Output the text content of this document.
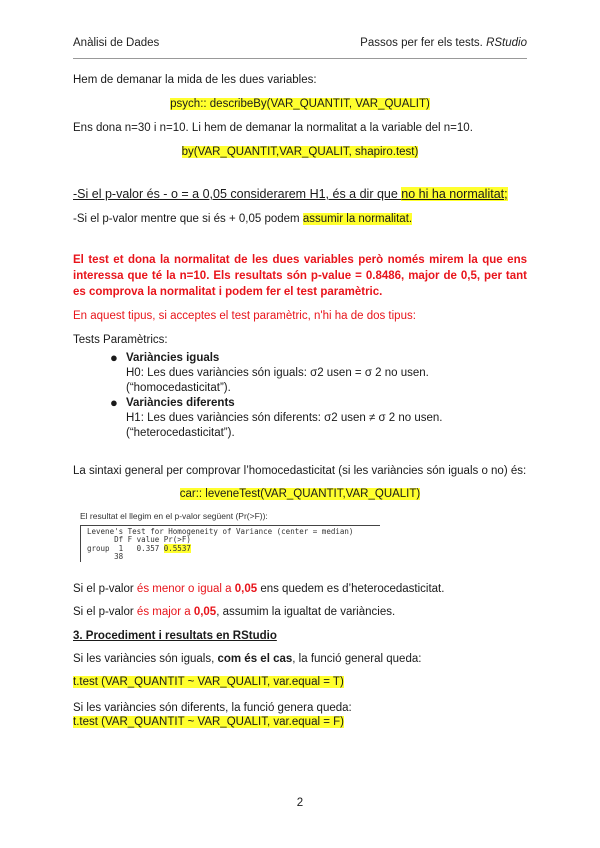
Anàlisi de Dades	Passos per fer els tests. RStudio
Hem de demanar la mida de les dues variables:
psych:: describeBy(VAR_QUANTIT, VAR_QUALIT)
Ens dona n=30 i n=10. Li hem de demanar la normalitat a la variable del n=10.
by(VAR_QUANTIT,VAR_QUALIT, shapiro.test)
-Si el p-valor és - o = a 0,05 considerarem H1, és a dir que no hi ha normalitat;
-Si el p-valor mentre que si és + 0,05 podem assumir la normalitat.
El test et dona la normalitat de les dues variables però només mirem la que ens interessa que té la n=10. Els resultats són p-value = 0.8486, major de 0,5, per tant es comprova la normalitat i podem fer el test paramètric.
En aquest tipus, si acceptes el test paramètric, n'hi ha de dos tipus:
Tests Paramètrics:
● Variàncies iguals
H0: Les dues variàncies són iguals: σ2 usen = σ 2 no usen. (“homocedasticitat”).
● Variàncies diferents
H1: Les dues variàncies són diferents: σ2 usen ≠ σ 2 no usen. (“heterocedasticitat”).
La sintaxi general per comprovar l’homocedasticitat (si les variàncies són iguals o no) és:
car:: leveneTest(VAR_QUANTIT,VAR_QUALIT)
El resultat el llegim en el p-valor següent (Pr(>F)):
Levene's Test for Homogeneity of Variance (center = median)
Df F value Pr(>F)
group  1   0.357 0.5537
38
Si el p-valor és menor o igual a 0,05 ens quedem es d’heterocedasticitat.
Si el p-valor és major a 0,05, assumim la igualtat de variàncies.
3. Procediment i resultats en RStudio
Si les variàncies són iguals, com és el cas, la funció general queda:
t.test (VAR_QUANTIT ~ VAR_QUALIT, var.equal = T)
Si les variàncies són diferents, la funció genera queda:
t.test (VAR_QUANTIT ~ VAR_QUALIT, var.equal = F)
2
